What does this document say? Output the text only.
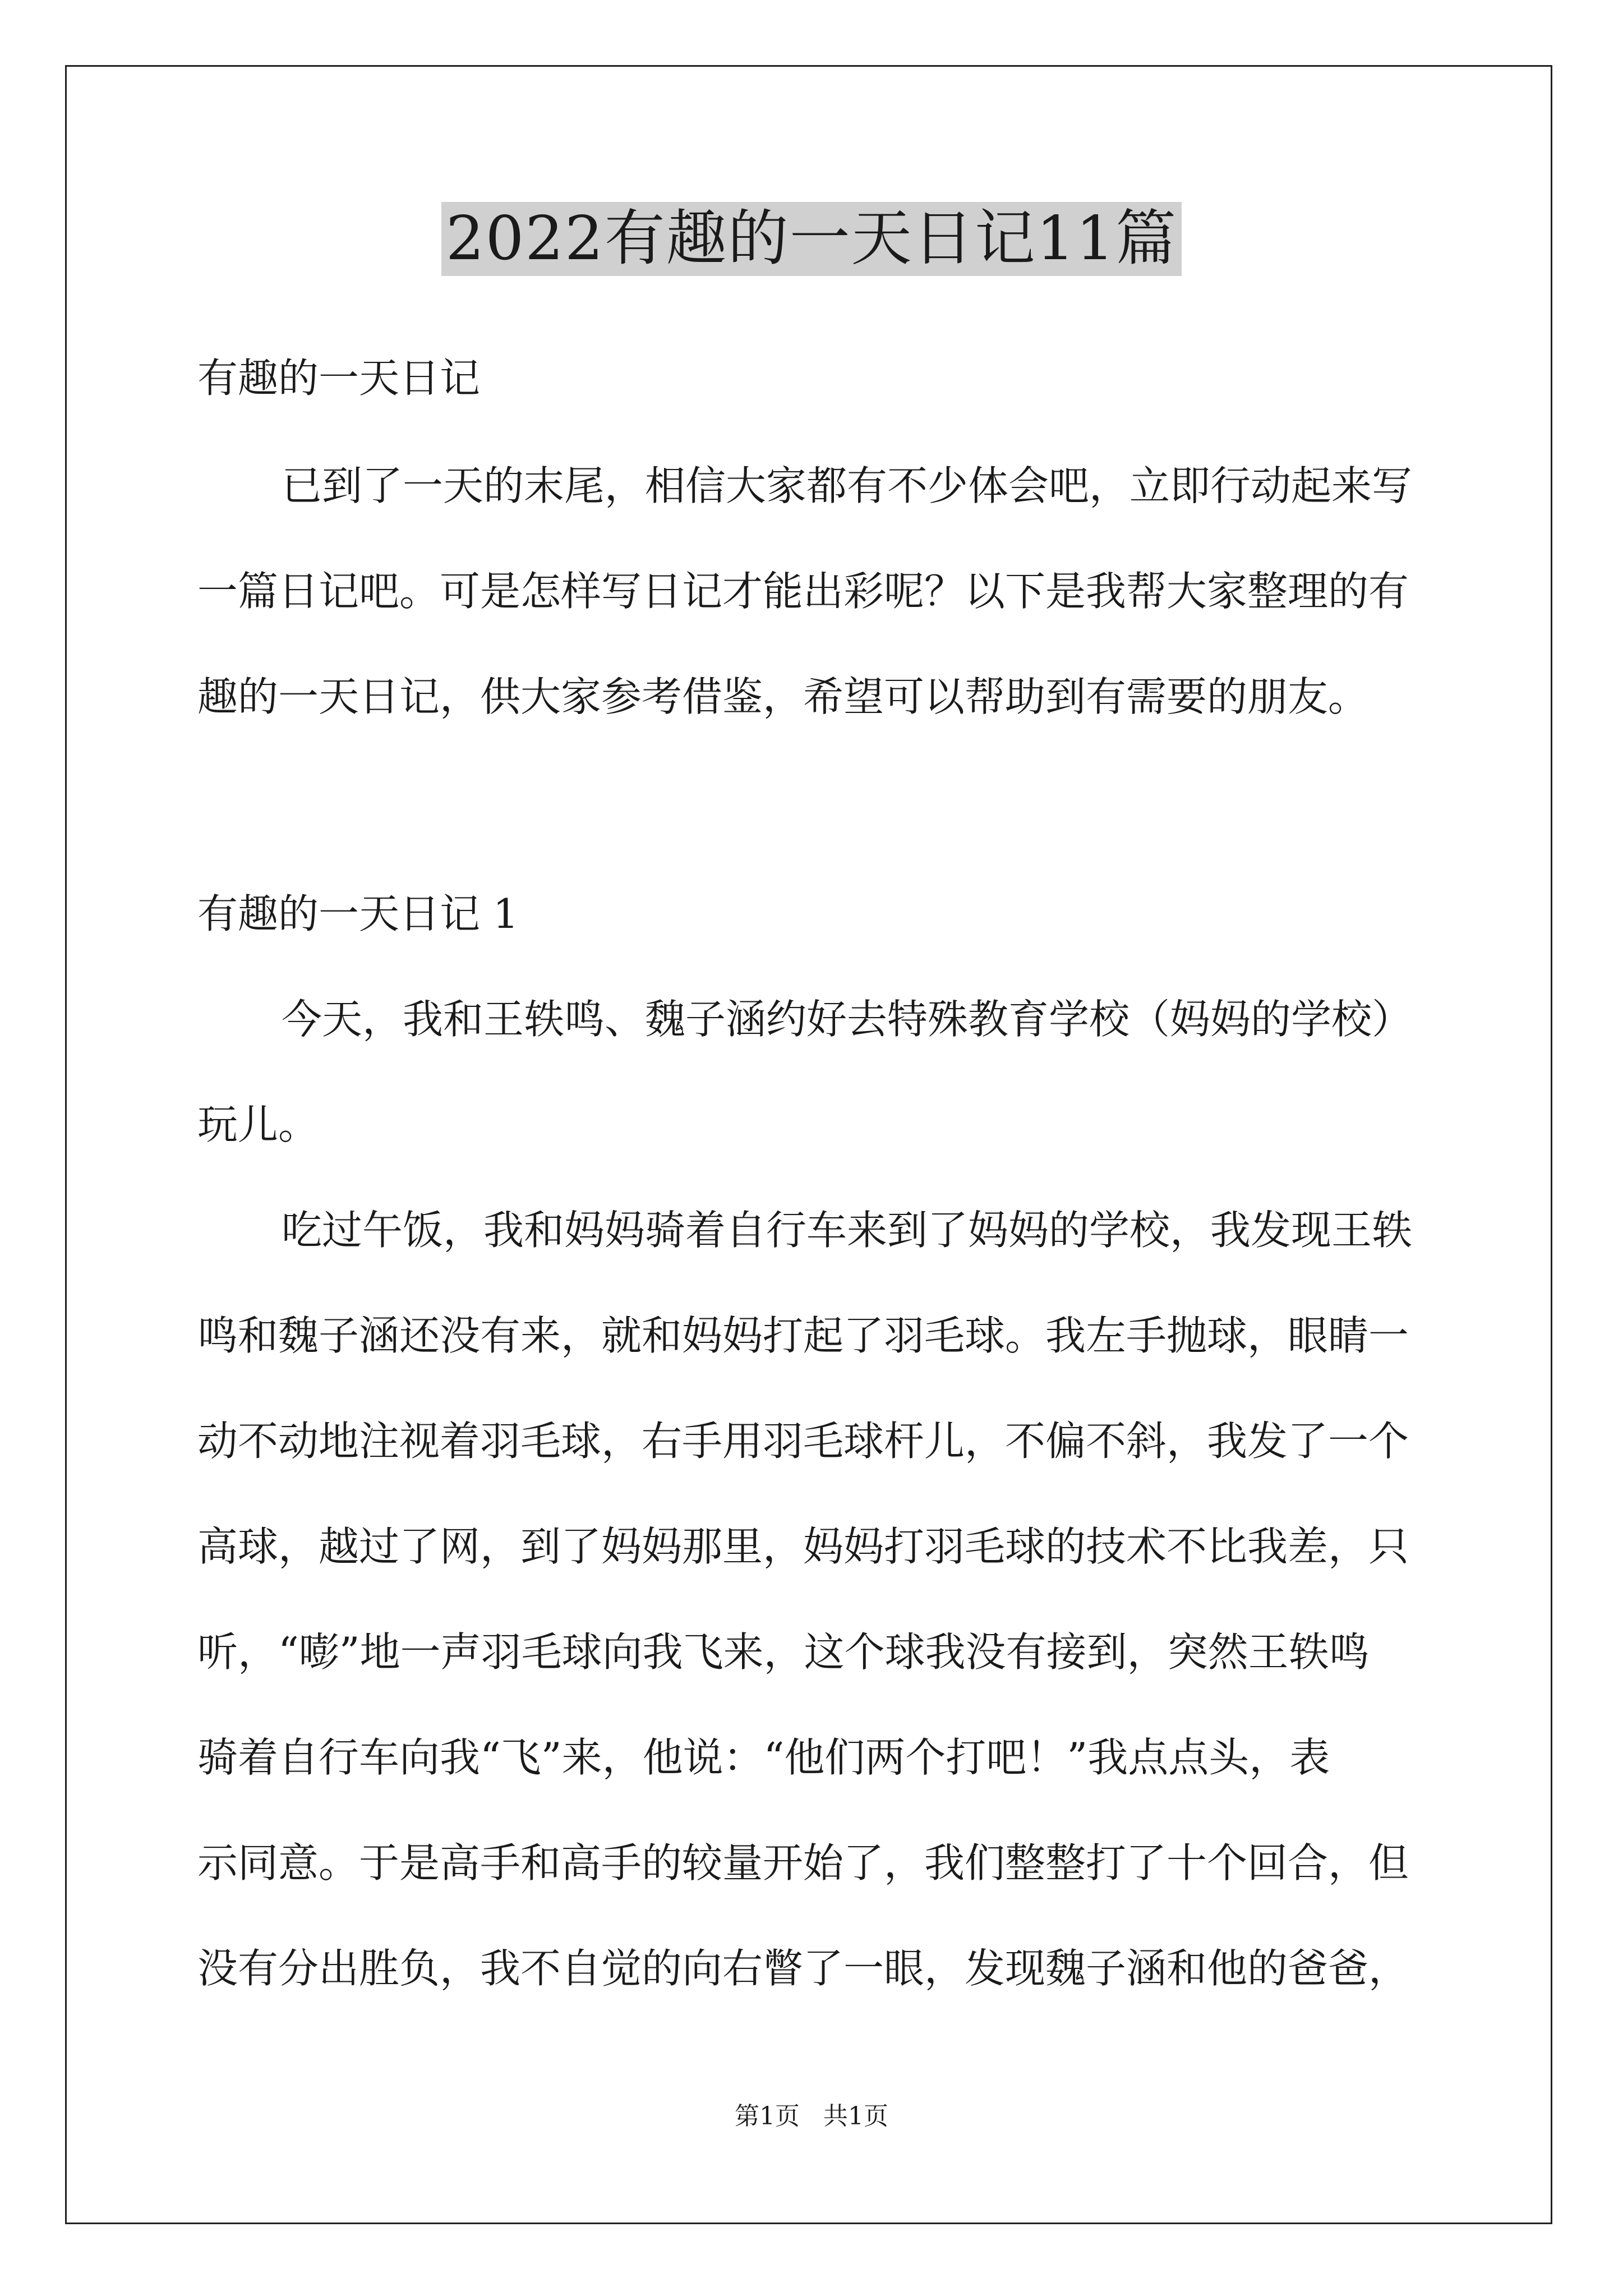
2022有趣的一天日记11篇
有趣的一天日记
已到了一天的末尾，相信大家都有不少体会吧，立即行动起来写
一篇日记吧。可是怎样写日记才能出彩呢？以下是我帮大家整理的有
趣的一天日记，供大家参考借鉴，希望可以帮助到有需要的朋友。
有趣的一天日记 1
今天，我和王轶鸣、魏子涵约好去特殊教育学校（妈妈的学校）
玩儿。
吃过午饭，我和妈妈骑着自行车来到了妈妈的学校，我发现王轶
鸣和魏子涵还没有来，就和妈妈打起了羽毛球。我左手抛球，眼睛一
动不动地注视着羽毛球，右手用羽毛球杆儿，不偏不斜，我发了一个
高球，越过了网，到了妈妈那里，妈妈打羽毛球的技术不比我差，只
听，“嘭”地一声羽毛球向我飞来，这个球我没有接到，突然王轶鸣
骑着自行车向我“飞”来，他说：“他们两个打吧！”我点点头，表
示同意。于是高手和高手的较量开始了，我们整整打了十个回合，但
没有分出胜负，我不自觉的向右瞥了一眼，发现魏子涵和他的爸爸，
第1页 共1页
